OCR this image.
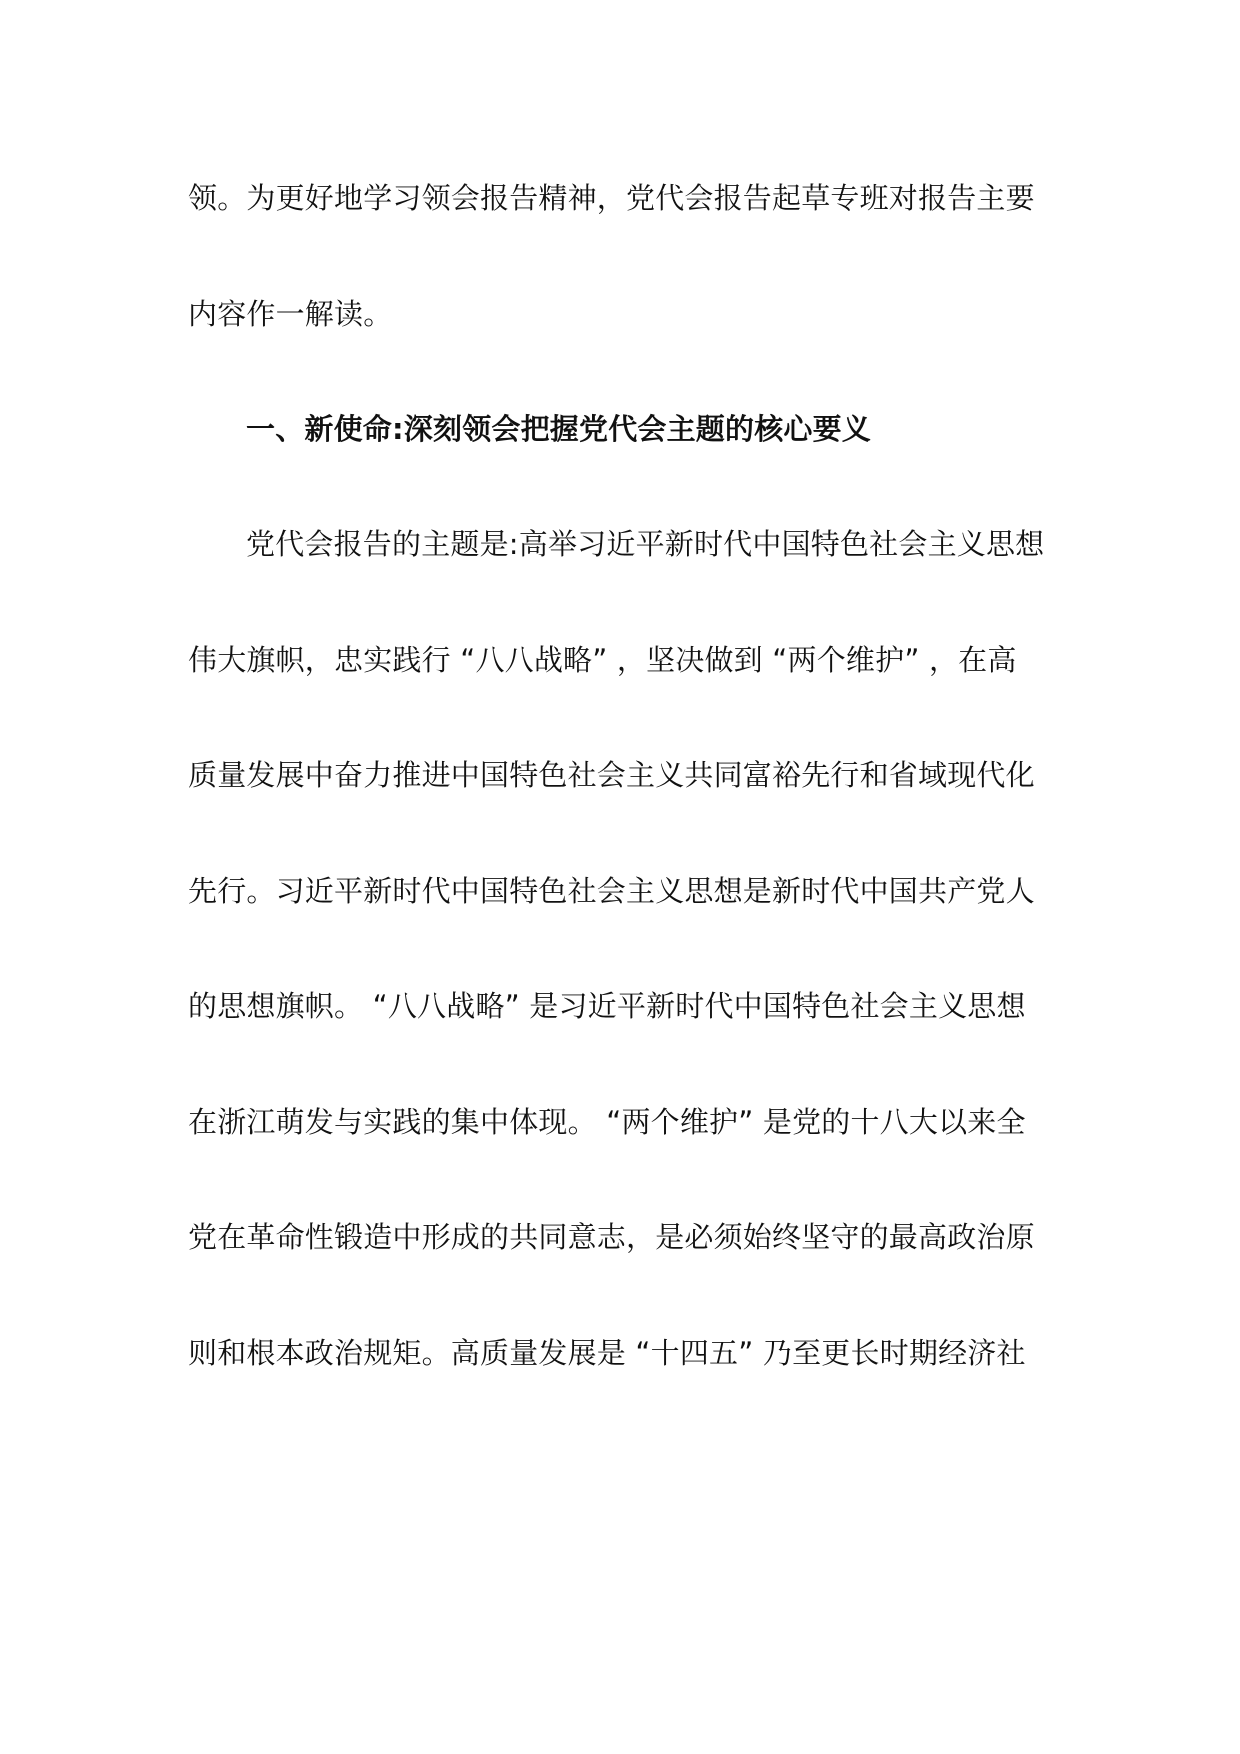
领。为更好地学习领会报告精神，党代会报告起草专班对报告主要
内容作一解读。
一、新使命:深刻领会把握党代会主题的核心要义
党代会报告的主题是:高举习近平新时代中国特色社会主义思想
伟大旗帜，忠实践行 “八八战略” ，坚决做到 “两个维护” ，在高
质量发展中奋力推进中国特色社会主义共同富裕先行和省域现代化
先行。习近平新时代中国特色社会主义思想是新时代中国共产党人
的思想旗帜。 “八八战略” 是习近平新时代中国特色社会主义思想
在浙江萌发与实践的集中体现。 “两个维护” 是党的十八大以来全
党在革命性锻造中形成的共同意志，是必须始终坚守的最高政治原
则和根本政治规矩。高质量发展是 “十四五” 乃至更长时期经济社
